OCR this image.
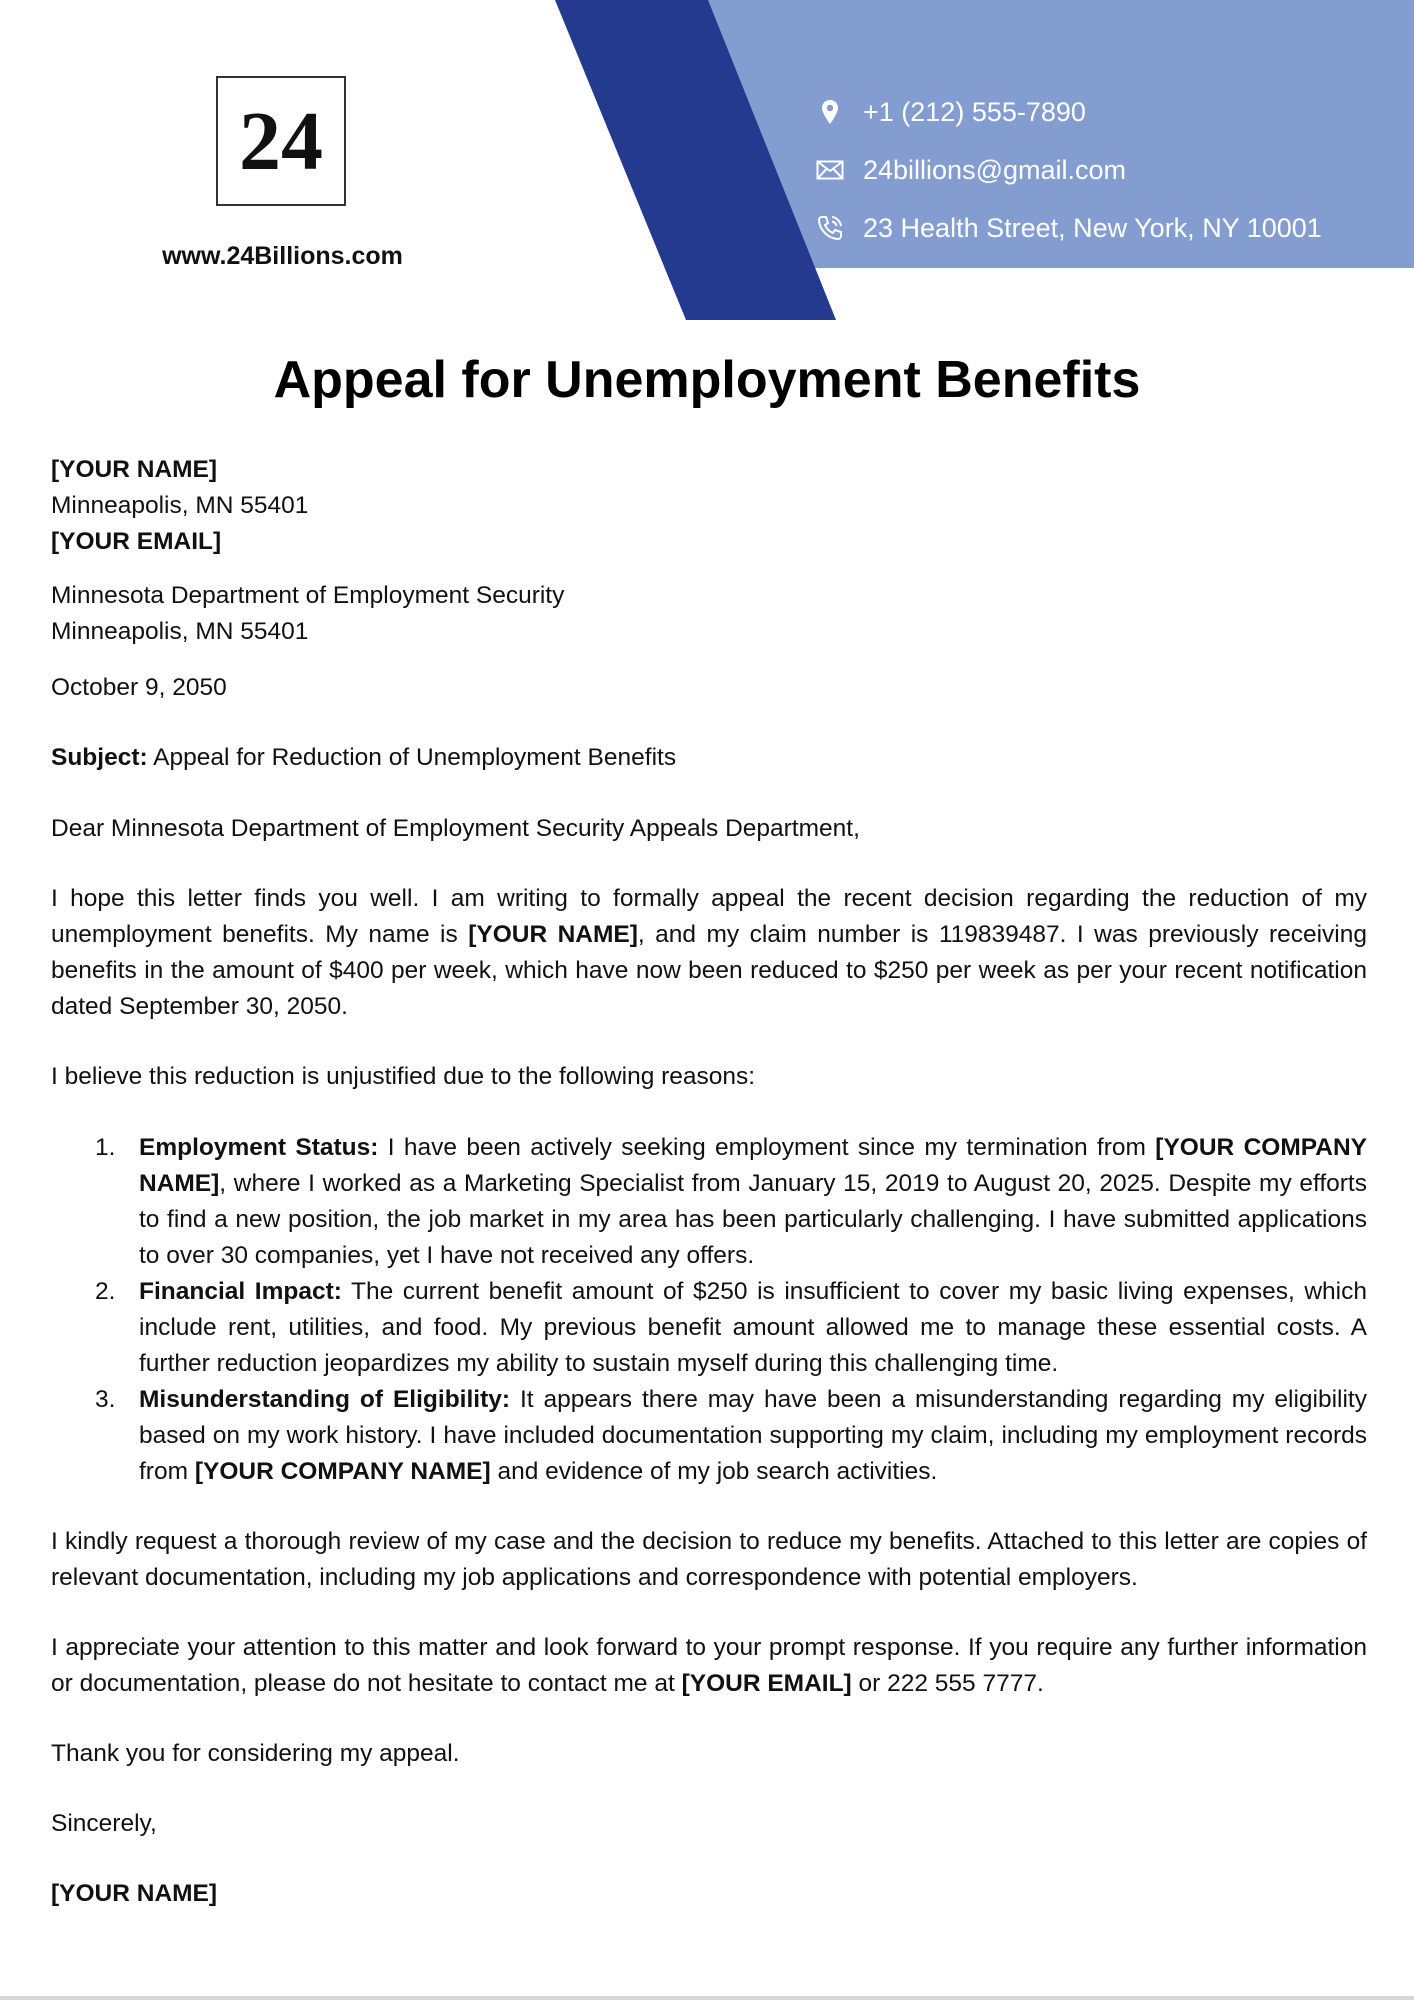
24
www.24Billions.com
+1 (212) 555-7890
24billions@gmail.com
23 Health Street, New York, NY 10001
Appeal for Unemployment Benefits
[YOUR NAME]
Minneapolis, MN 55401
[YOUR EMAIL]
Minnesota Department of Employment Security
Minneapolis, MN 55401
October 9, 2050

Subject: Appeal for Reduction of Unemployment Benefits

Dear Minnesota Department of Employment Security Appeals Department,

I hope this letter finds you well. I am writing to formally appeal the recent decision regarding the reduction of my unemployment benefits. My name is [YOUR NAME], and my claim number is 119839487. I was previously receiving benefits in the amount of $400 per week, which have now been reduced to $250 per week as per your recent notification dated September 30, 2050.

I believe this reduction is unjustified due to the following reasons:

1. Employment Status: I have been actively seeking employment since my termination from [YOUR COMPANY NAME], where I worked as a Marketing Specialist from January 15, 2019 to August 20, 2025. Despite my efforts to find a new position, the job market in my area has been particularly challenging. I have submitted applications to over 30 companies, yet I have not received any offers.
2. Financial Impact: The current benefit amount of $250 is insufficient to cover my basic living expenses, which include rent, utilities, and food. My previous benefit amount allowed me to manage these essential costs. A further reduction jeopardizes my ability to sustain myself during this challenging time.
3. Misunderstanding of Eligibility: It appears there may have been a misunderstanding regarding my eligibility based on my work history. I have included documentation supporting my claim, including my employment records from [YOUR COMPANY NAME] and evidence of my job search activities.

I kindly request a thorough review of my case and the decision to reduce my benefits. Attached to this letter are copies of relevant documentation, including my job applications and correspondence with potential employers.

I appreciate your attention to this matter and look forward to your prompt response. If you require any further information or documentation, please do not hesitate to contact me at [YOUR EMAIL] or 222 555 7777.

Thank you for considering my appeal.

Sincerely,

[YOUR NAME]
